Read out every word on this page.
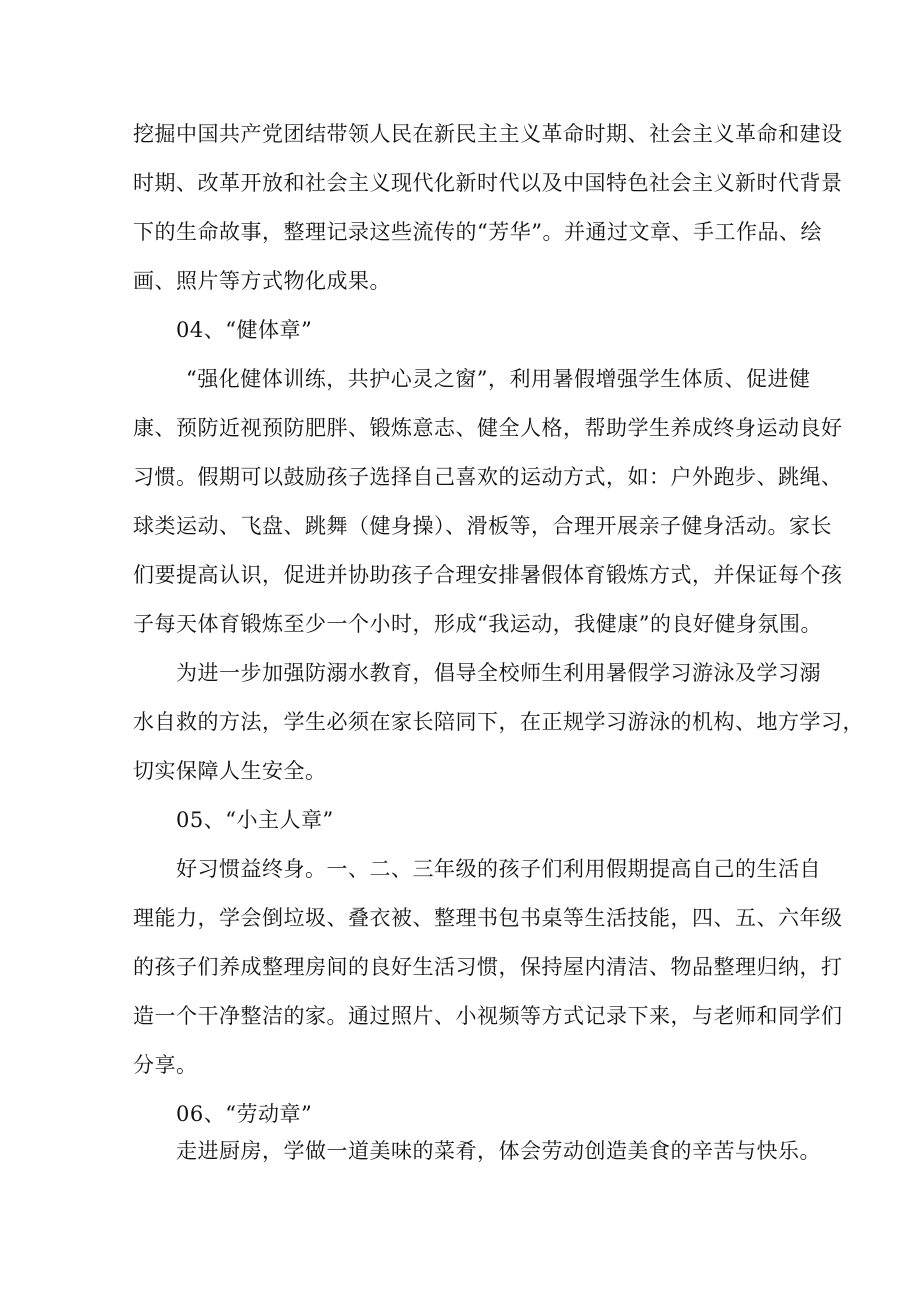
挖掘中国共产党团结带领人民在新民主主义革命时期、社会主义革命和建设
时期、改革开放和社会主义现代化新时代以及中国特色社会主义新时代背景
下的生命故事，整理记录这些流传的“芳华”。并通过文章、手工作品、绘
画、照片等方式物化成果。
04、“健体章”
“强化健体训练，共护心灵之窗”，利用暑假增强学生体质、促进健
康、预防近视预防肥胖、锻炼意志、健全人格，帮助学生养成终身运动良好
习惯。假期可以鼓励孩子选择自己喜欢的运动方式，如：户外跑步、跳绳、
球类运动、飞盘、跳舞（健身操）、滑板等，合理开展亲子健身活动。家长
们要提高认识，促进并协助孩子合理安排暑假体育锻炼方式，并保证每个孩
子每天体育锻炼至少一个小时，形成“我运动，我健康”的良好健身氛围。
为进一步加强防溺水教育，倡导全校师生利用暑假学习游泳及学习溺
水自救的方法，学生必须在家长陪同下，在正规学习游泳的机构、地方学习，
切实保障人生安全。
05、“小主人章”
好习惯益终身。一、二、三年级的孩子们利用假期提高自己的生活自
理能力，学会倒垃圾、叠衣被、整理书包书桌等生活技能，四、五、六年级
的孩子们养成整理房间的良好生活习惯，保持屋内清洁、物品整理归纳，打
造一个干净整洁的家。通过照片、小视频等方式记录下来，与老师和同学们
分享。
06、“劳动章”
走进厨房，学做一道美味的菜肴，体会劳动创造美食的辛苦与快乐。
